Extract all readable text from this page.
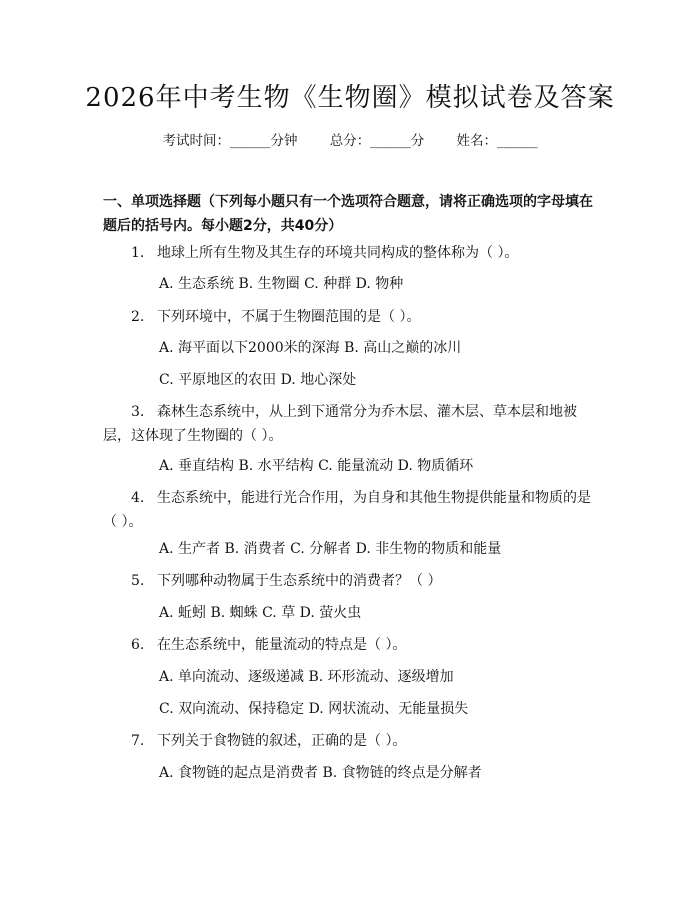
2026年中考生物《生物圈》模拟试卷及答案
考试时间：______分钟 总分：______分 姓名：______
一、单项选择题（下列每小题只有一个选项符合题意，请将正确选项的字母填在题后的括号内。每小题2分，共40分）
1. 地球上所有生物及其生存的环境共同构成的整体称为（ ）。
A. 生态系统 B. 生物圈 C. 种群 D. 物种
2. 下列环境中，不属于生物圈范围的是（ ）。
A. 海平面以下2000米的深海 B. 高山之巅的冰川
C. 平原地区的农田 D. 地心深处
3. 森林生态系统中，从上到下通常分为乔木层、灌木层、草本层和地被层，这体现了生物圈的（ ）。
A. 垂直结构 B. 水平结构 C. 能量流动 D. 物质循环
4. 生态系统中，能进行光合作用，为自身和其他生物提供能量和物质的是（ ）。
A. 生产者 B. 消费者 C. 分解者 D. 非生物的物质和能量
5. 下列哪种动物属于生态系统中的消费者？（ ）
A. 蚯蚓 B. 蜘蛛 C. 草 D. 萤火虫
6. 在生态系统中，能量流动的特点是（ ）。
A. 单向流动、逐级递减 B. 环形流动、逐级增加
C. 双向流动、保持稳定 D. 网状流动、无能量损失
7. 下列关于食物链的叙述，正确的是（ ）。
A. 食物链的起点是消费者 B. 食物链的终点是分解者
